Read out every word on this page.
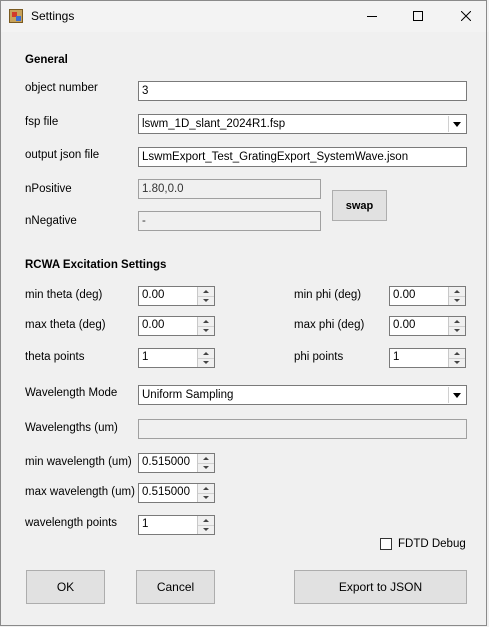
Settings
General
object number	3
fsp file	lswm_1D_slant_2024R1.fsp
output json file	LswmExport_Test_GratingExport_SystemWave.json
nPositive	1.80,0.0
nNegative	-
swap
RCWA Excitation Settings
min theta (deg)	0.00
max theta (deg)	0.00
theta points	1
min phi (deg)	0.00
max phi (deg) 0.00
phi points	1
Wavelength Mode	Uniform Sampling
Wavelengths (um)
min wavelength (um) 0.515000
max wavelength (um) 0.515000
wavelength points 1
FDTD Debug
OK	Cancel	Export to JSON
